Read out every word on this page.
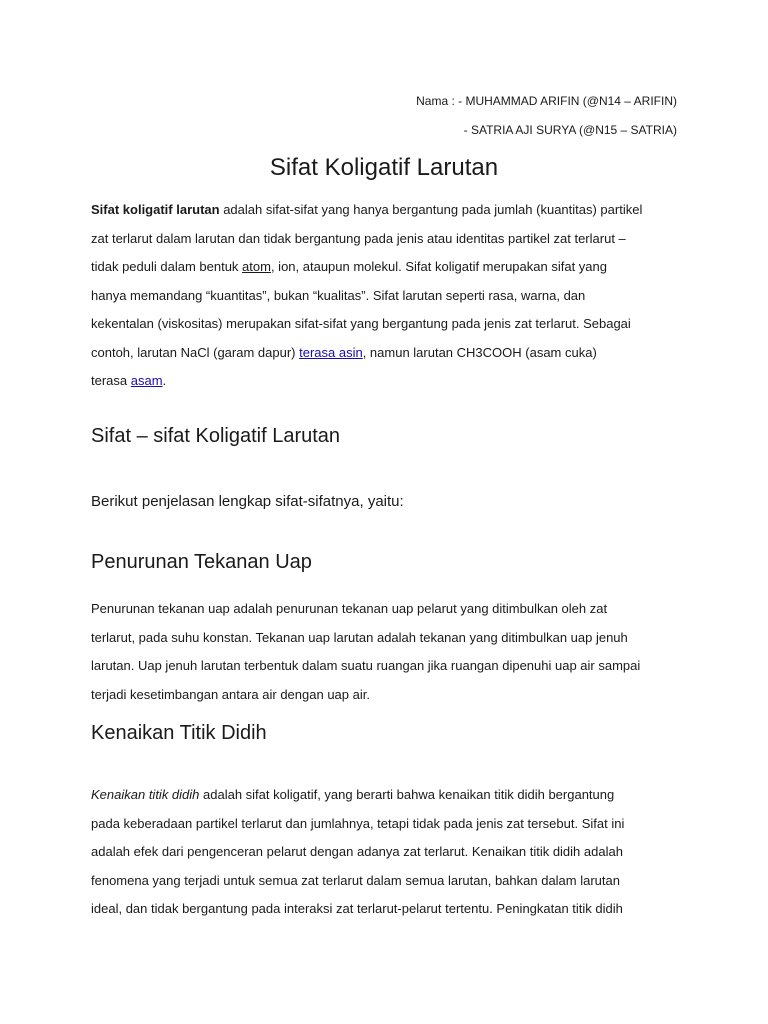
Nama : - MUHAMMAD ARIFIN (@N14 – ARIFIN)
- SATRIA AJI SURYA (@N15 – SATRIA)
Sifat Koligatif Larutan

Sifat koligatif larutan adalah sifat-sifat yang hanya bergantung pada jumlah (kuantitas) partikel
zat terlarut dalam larutan dan tidak bergantung pada jenis atau identitas partikel zat terlarut –
tidak peduli dalam bentuk atom, ion, ataupun molekul. Sifat koligatif merupakan sifat yang
hanya memandang “kuantitas”, bukan “kualitas”. Sifat larutan seperti rasa, warna, dan
kekentalan (viskositas) merupakan sifat-sifat yang bergantung pada jenis zat terlarut. Sebagai
contoh, larutan NaCl (garam dapur) terasa asin, namun larutan CH3COOH (asam cuka)
terasa asam.

Sifat – sifat Koligatif Larutan
Berikut penjelasan lengkap sifat-sifatnya, yaitu:
Penurunan Tekanan Uap

Penurunan tekanan uap adalah penurunan tekanan uap pelarut yang ditimbulkan oleh zat
terlarut, pada suhu konstan. Tekanan uap larutan adalah tekanan yang ditimbulkan uap jenuh
larutan. Uap jenuh larutan terbentuk dalam suatu ruangan jika ruangan dipenuhi uap air sampai
terjadi kesetimbangan antara air dengan uap air.

Kenaikan Titik Didih

Kenaikan titik didih adalah sifat koligatif, yang berarti bahwa kenaikan titik didih bergantung
pada keberadaan partikel terlarut dan jumlahnya, tetapi tidak pada jenis zat tersebut. Sifat ini
adalah efek dari pengenceran pelarut dengan adanya zat terlarut. Kenaikan titik didih adalah
fenomena yang terjadi untuk semua zat terlarut dalam semua larutan, bahkan dalam larutan
ideal, dan tidak bergantung pada interaksi zat terlarut-pelarut tertentu. Peningkatan titik didih
